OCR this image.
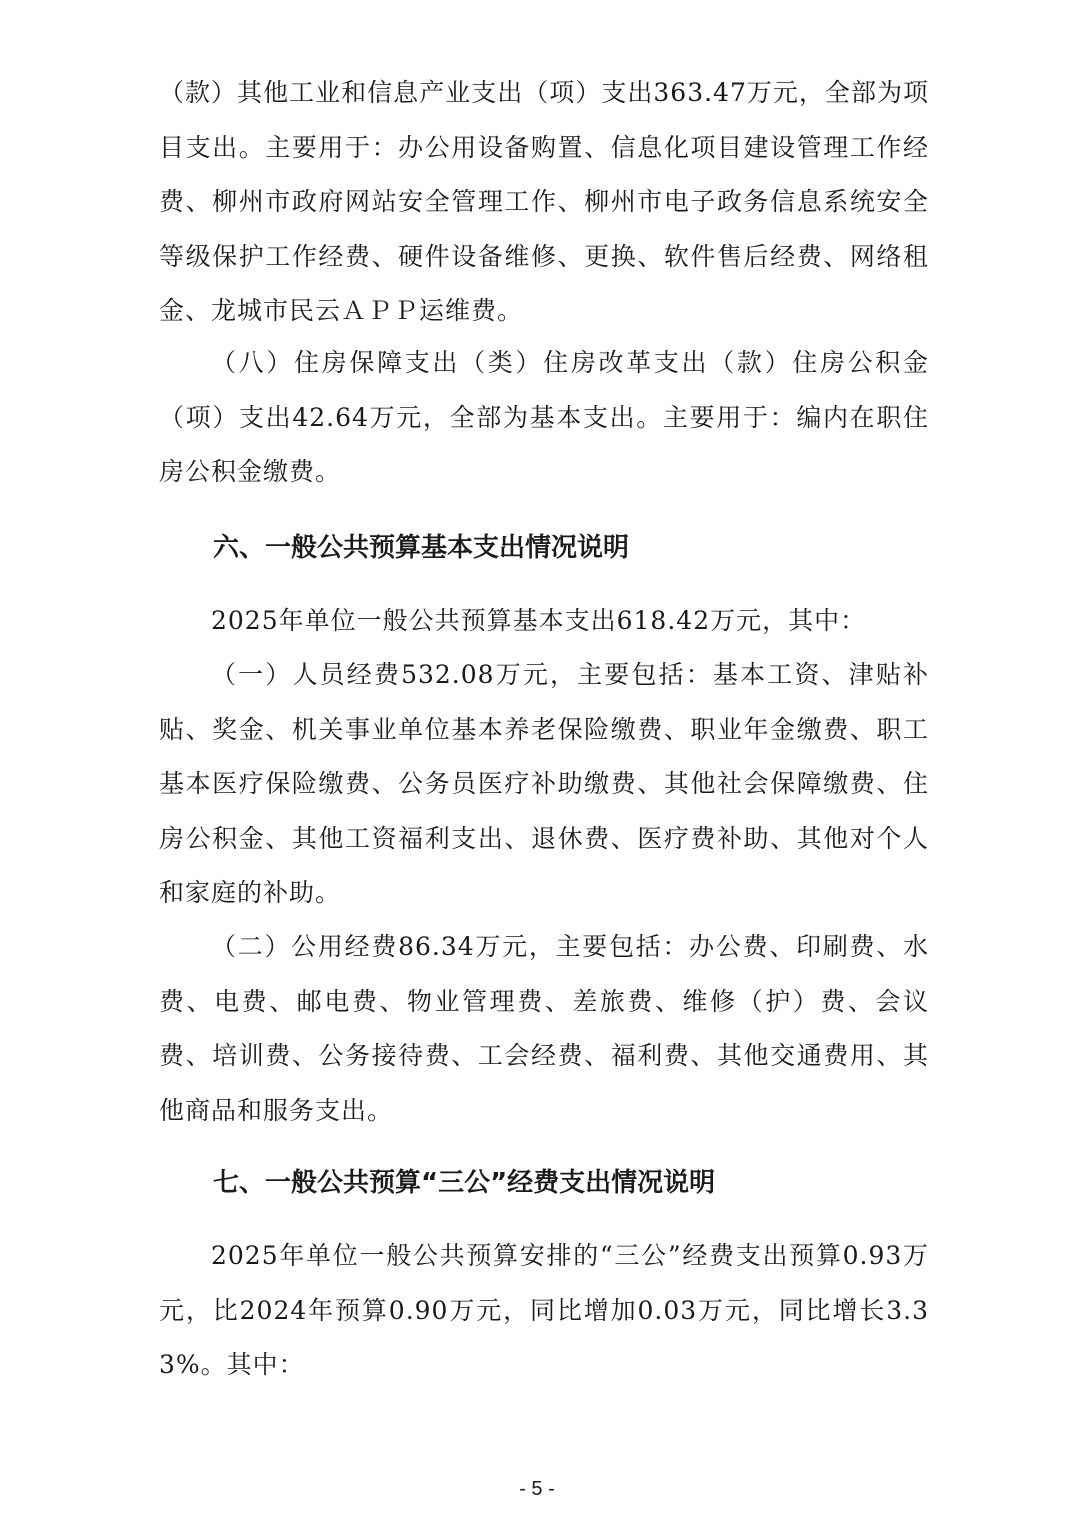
（款）其他工业和信息产业支出（项）支出363.47万元，全部为项目支出。主要用于：办公用设备购置、信息化项目建设管理工作经费、柳州市政府网站安全管理工作、柳州市电子政务信息系统安全等级保护工作经费、硬件设备维修、更换、软件售后经费、网络租金、龙城市民云ＡＰＰ运维费。

（八）住房保障支出（类）住房改革支出（款）住房公积金（项）支出42.64万元，全部为基本支出。主要用于：编内在职住房公积金缴费。

六、一般公共预算基本支出情况说明

2025年单位一般公共预算基本支出618.42万元，其中：

（一）人员经费532.08万元，主要包括：基本工资、津贴补贴、奖金、机关事业单位基本养老保险缴费、职业年金缴费、职工基本医疗保险缴费、公务员医疗补助缴费、其他社会保障缴费、住房公积金、其他工资福利支出、退休费、医疗费补助、其他对个人和家庭的补助。

（二）公用经费86.34万元，主要包括：办公费、印刷费、水费、电费、邮电费、物业管理费、差旅费、维修（护）费、会议费、培训费、公务接待费、工会经费、福利费、其他交通费用、其他商品和服务支出。

七、一般公共预算“三公”经费支出情况说明

2025年单位一般公共预算安排的“三公”经费支出预算0.93万元，比2024年预算0.90万元，同比增加0.03万元，同比增长3.33%。其中：

- 5 -
